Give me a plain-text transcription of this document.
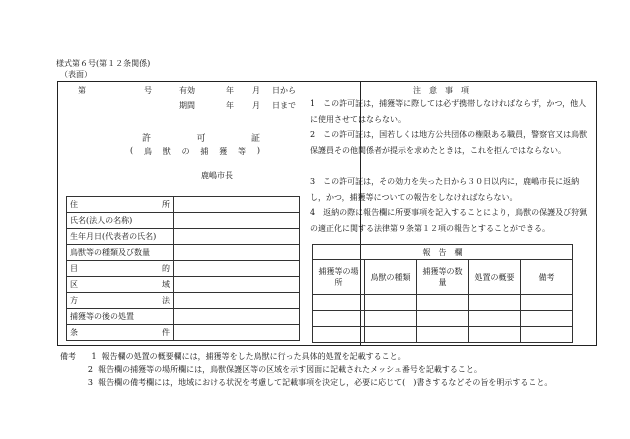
様式第６号(第１２条関係)
（表面）
第	号	有効	年 月 日から
期間	年 月 日まで
許	可	証
( 鳥 獣 の 捕 獲 等 )
鹿嶋市長
住 所	

氏名(法人の名称)	
生年月日(代表者の氏名)	
鳥獣等の種類及び数量	

目 的	

区 域	

方 法	

捕獲等の後の処置	

条 件	

注　意　事　項
1　この許可証は，捕獲等に際しては必ず携帯しなければならず，かつ，他人に使用させてはならない。
2　この許可証は，国若しくは地方公共団体の権限ある職員，警察官又は鳥獣保護員その他関係者が提示を求めたときは，これを拒んではならない。
3　この許可証は，その効力を失った日から３０日以内に，鹿嶋市長に返納し，かつ，捕獲等についての報告をしなければならない。
4　返納の際に報告欄に所要事項を記入することにより，鳥獣の保護及び狩猟の適正化に関する法律第９条第１２項の報告とすることができる。
報　告　欄				
捕獲等の場所	鳥獣の種類	捕獲等の数量	処置の概要	備考

備考 1 報告欄の処置の概要欄には，捕獲等をした鳥獣に行った具体的処置を記載すること。
2 報告欄の捕獲等の場所欄には，鳥獣保護区等の区域を示す図面に記載されたメッシュ番号を記載すること。
3 報告欄の備考欄には，地域における状況を考慮して記載事項を決定し，必要に応じて(　)書きするなどその旨を明示すること。
